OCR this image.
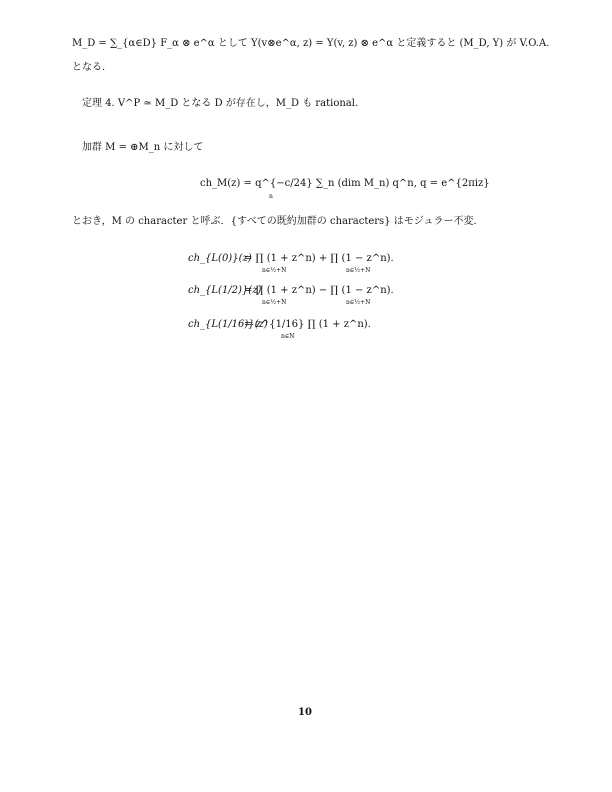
M_D = ∑_{α∈D} F_α ⊗ e^α として Y(v⊗e^α, z) = Y(v, z) ⊗ e^α と定義すると (M_D, Y) が V.O.A.
となる．
定理 4. V^P ≃ M_D となる D が存在し，M_D も rational.
加群 M = ⊕M_n に対して
ch_M(z) = q^{−c/24} ∑_n (dim M_n) q^n, q = e^{2πiz}
n
とおき，M の character と呼ぶ．{すべての既約加群の characters} はモジュラー不変．
ch_{L(0)}(z)
= ∏ (1 + z^n) + ∏ (1 − z^n).
n∈½+N	n∈½+N
ch_{L(1/2)}(z)
= ∏ (1 + z^n) − ∏ (1 − z^n).
n∈½+N	n∈½+N
ch_{L(1/16)}(z)
= z^{1/16} ∏ (1 + z^n).
n∈N
10
